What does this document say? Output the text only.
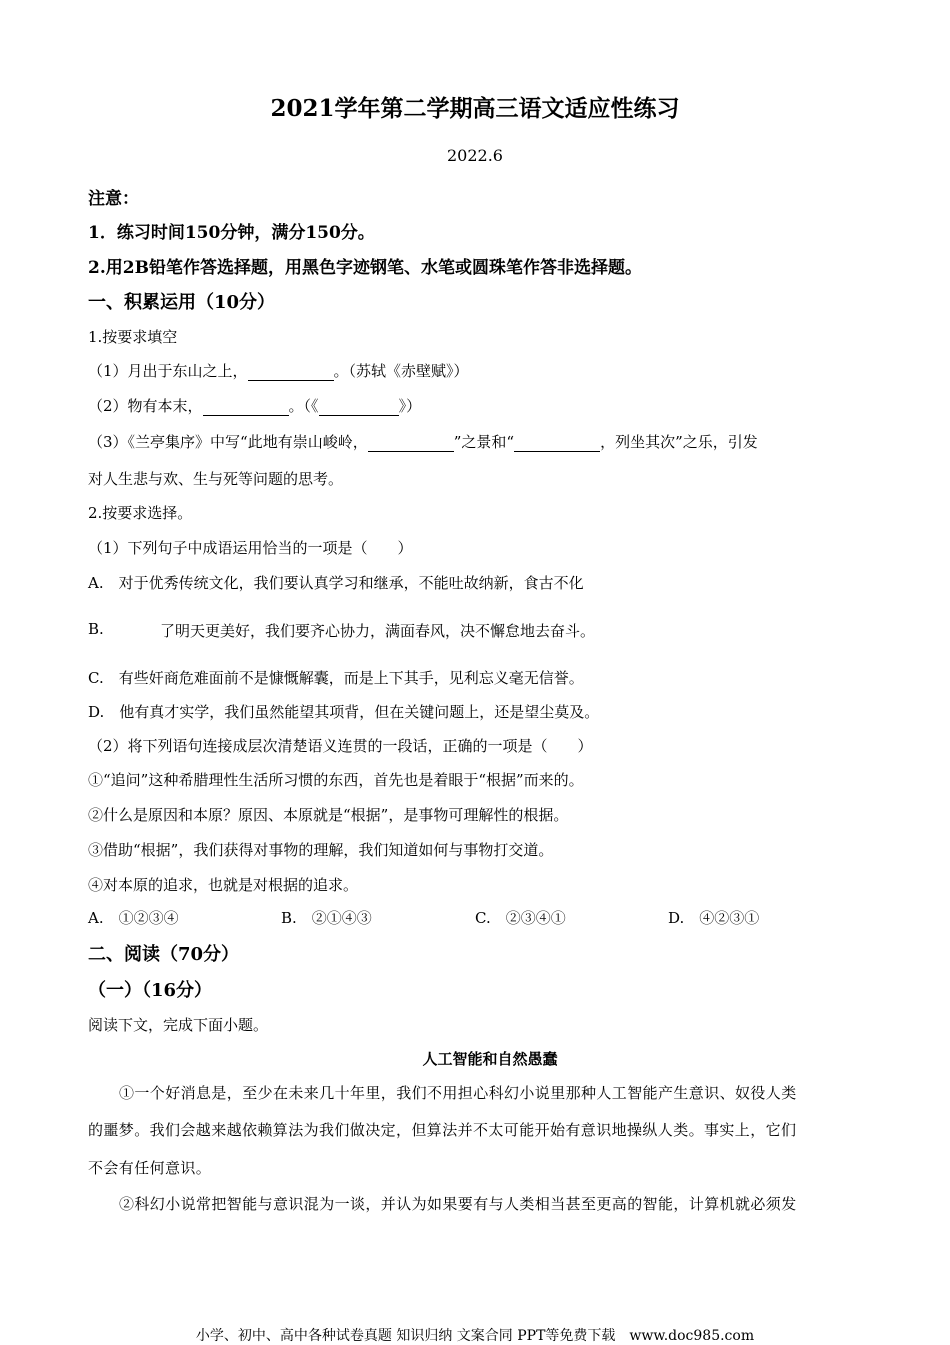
2021学年第二学期高三语文适应性练习
2022.6
注意：
1．练习时间150分钟，满分150分。
2.用2B铅笔作答选择题，用黑色字迹钢笔、水笔或圆珠笔作答非选择题。
一、积累运用（10分）
1.按要求填空
（1）月出于东山之上，	。（苏轼《赤壁赋》）
（2）物有本末，	。（《	》）
（3）《兰亭集序》中写“此地有崇山峻岭，	”之景和“	，列坐其次”之乐，引发
对人生悲与欢、生与死等问题的思考。
2.按要求选择。
（1）下列句子中成语运用恰当的一项是（　　）
A.　对于优秀传统文化，我们要认真学习和继承，不能吐故纳新，食古不化
B.	了明天更美好，我们要齐心协力，满面春风，决不懈怠地去奋斗。
C.　有些奸商危难面前不是慷慨解囊，而是上下其手，见利忘义毫无信誉。
D.　他有真才实学，我们虽然能望其项背，但在关键问题上，还是望尘莫及。
（2）将下列语句连接成层次清楚语义连贯的一段话，正确的一项是（　　）
①“追问”这种希腊理性生活所习惯的东西，首先也是着眼于“根据”而来的。
②什么是原因和本原？原因、本原就是“根据”，是事物可理解性的根据。
③借助“根据”，我们获得对事物的理解，我们知道如何与事物打交道。
④对本原的追求，也就是对根据的追求。
A.　①②③④	B.　②①④③	C.　②③④①	D.　④②③①
二、阅读（70分）
（一）（16分）
阅读下文，完成下面小题。
人工智能和自然愚蠢
①一个好消息是，至少在未来几十年里，我们不用担心科幻小说里那种人工智能产生意识、奴役人类
的噩梦。我们会越来越依赖算法为我们做决定，但算法并不太可能开始有意识地操纵人类。事实上，它们
不会有任何意识。
②科幻小说常把智能与意识混为一谈，并认为如果要有与人类相当甚至更高的智能，计算机就必须发
小学、初中、高中各种试卷真题 知识归纳 文案合同 PPT等免费下载　www.doc985.com
